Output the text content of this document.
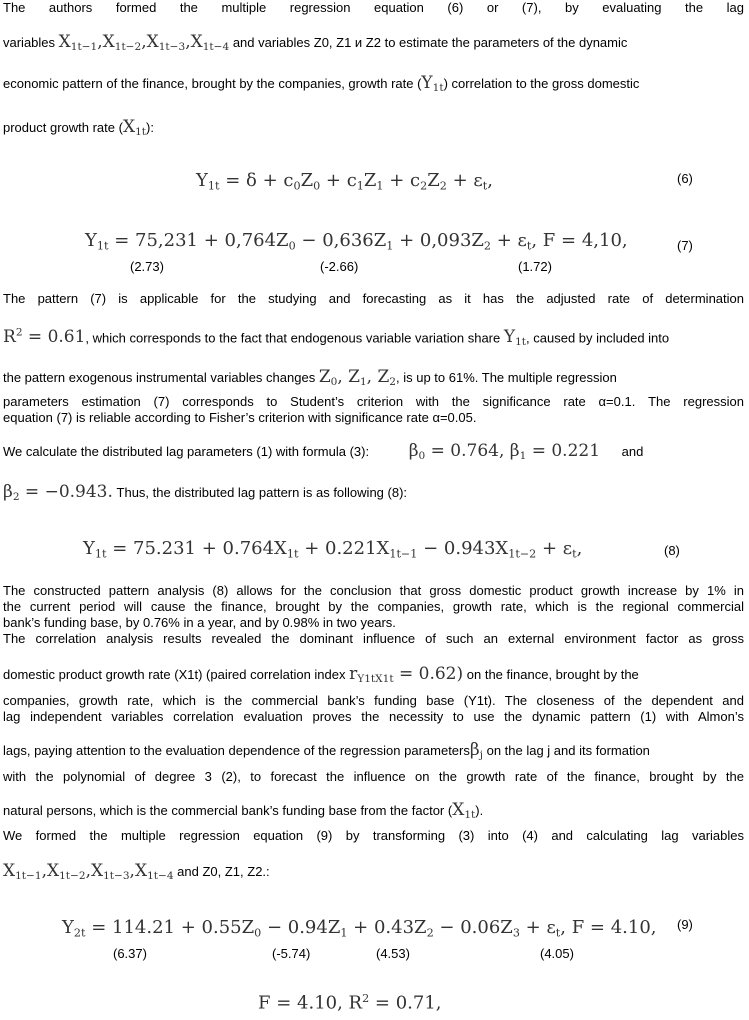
The authors formed the multiple regression equation (6) or (7), by evaluating the lag
variables $X_{1t-1},X_{1t-2},X_{1t-3},X_{1t-4}$ and variables Z0, Z1 и Z2 to estimate the parameters of the dynamic
economic pattern of the finance, brought by the companies, growth rate $(Y_{1t})$ correlation to the gross domestic
product growth rate $(X_{1t})$:
$Y_{1t} = \delta + c_0Z_0 + c_1Z_1 + c_2Z_2 + \varepsilon_t$,	(6)
$Y_{1t} = 75,231 + 0,764Z_0 - 0,636Z_1 + 0,093Z_2 + \varepsilon_t$, F = 4,10,	(7)
(2.73)	(-2.66)	(1.72)
The pattern (7) is applicable for the studying and forecasting as it has the adjusted rate of determination
$R^2 = 0.61$, which corresponds to the fact that endogenous variable variation share $Y_{1t}$, caused by included into
the pattern exogenous instrumental variables changes $Z_0$, $Z_1$, $Z_2$, is up to 61%. The multiple regression
parameters estimation (7) corresponds to Student’s criterion with the significance rate α=0.1. The regression
equation (7) is reliable according to Fisher’s criterion with significance rate α=0.05.
We calculate the distributed lag parameters (1) with formula (3): $\beta_0 = 0.764$, $\beta_1 = 0.221$ and
$\beta_2 = -0.943$. Thus, the distributed lag pattern is as following (8):
$Y_{1t} = 75.231 + 0.764X_{1t} + 0.221X_{1t-1} - 0.943X_{1t-2} + \varepsilon_t$,	(8)
The constructed pattern analysis (8) allows for the conclusion that gross domestic product growth increase by 1% in
the current period will cause the finance, brought by the companies, growth rate, which is the regional commercial
bank’s funding base, by 0.76% in a year, and by 0.98% in two years.
The correlation analysis results revealed the dominant influence of such an external environment factor as gross
domestic product growth rate (X1t) (paired correlation index $r_{Y1tX1t} = 0.62$) on the finance, brought by the
companies, growth rate, which is the commercial bank’s funding base (Y1t). The closeness of the dependent and
lag independent variables correlation evaluation proves the necessity to use the dynamic pattern (1) with Almon’s
lags, paying attention to the evaluation dependence of the regression parametersβ$_j$ on the lag j and its formation
with the polynomial of degree 3 (2), to forecast the influence on the growth rate of the finance, brought by the
natural persons, which is the commercial bank’s funding base from the factor $(X_{1t})$.
We formed the multiple regression equation (9) by transforming (3) into (4) and calculating lag variables
$X_{1t-1},X_{1t-2},X_{1t-3},X_{1t-4}$ and Z0, Z1, Z2.:
$Y_{2t} = 114.21 + 0.55Z_0 - 0.94Z_1 + 0.43Z_2 - 0.06Z_3 + \varepsilon_t$, F = 4.10, (9)
(6.37)	(-5.74)	(4.53)	(4.05)
F = 4.10, $R^2 = 0.71$,
